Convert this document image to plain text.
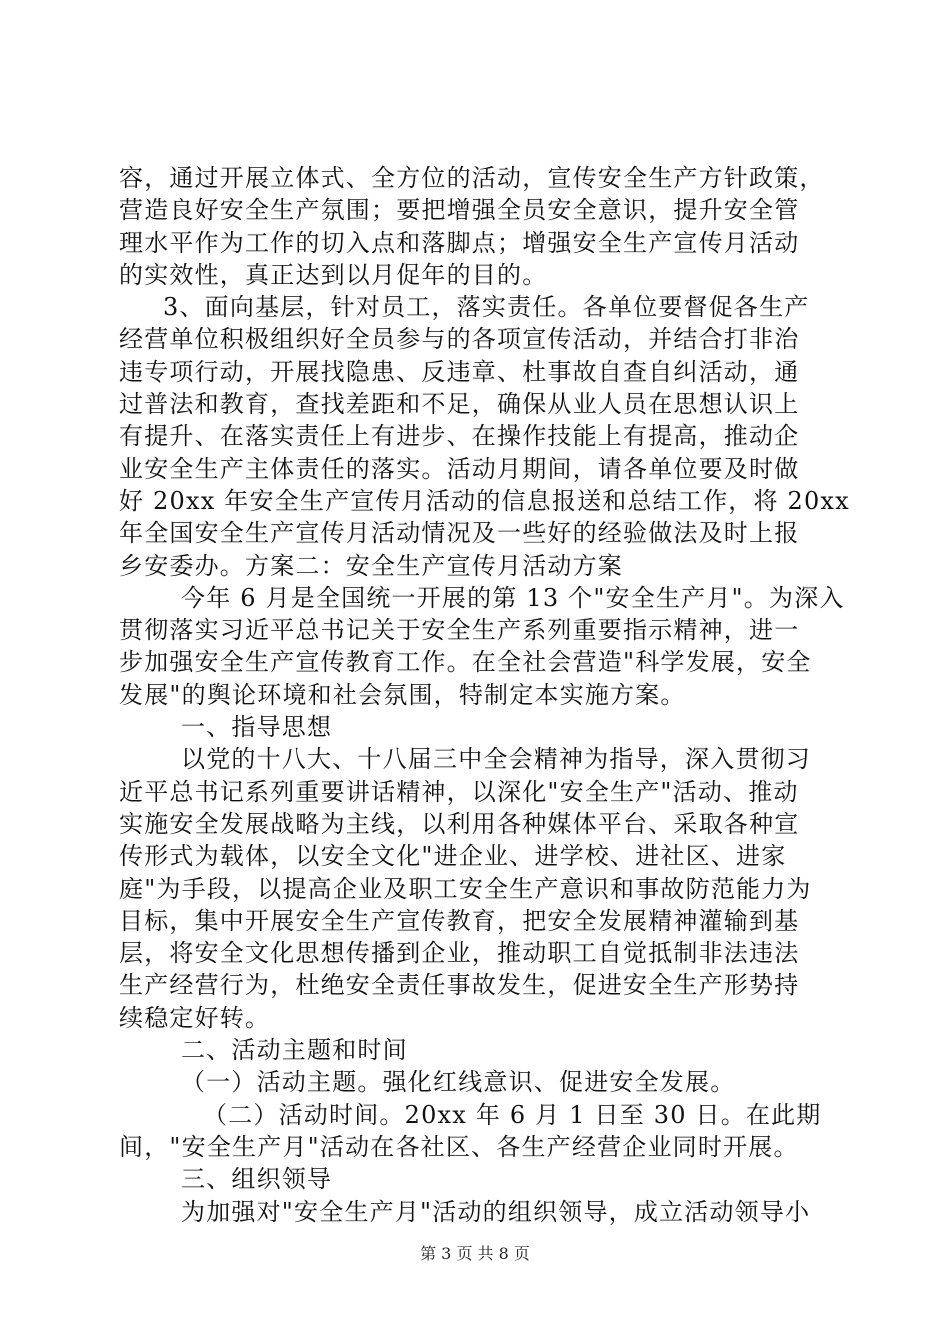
容，通过开展立体式、全方位的活动，宣传安全生产方针政策，
营造良好安全生产氛围；要把增强全员安全意识，提升安全管
理水平作为工作的切入点和落脚点；增强安全生产宣传月活动
的实效性，真正达到以月促年的目的。
3、面向基层，针对员工，落实责任。各单位要督促各生产
经营单位积极组织好全员参与的各项宣传活动，并结合打非治
违专项行动，开展找隐患、反违章、杜事故自查自纠活动，通
过普法和教育，查找差距和不足，确保从业人员在思想认识上
有提升、在落实责任上有进步、在操作技能上有提高，推动企
业安全生产主体责任的落实。活动月期间，请各单位要及时做
好 20xx 年安全生产宣传月活动的信息报送和总结工作，将 20xx
年全国安全生产宣传月活动情况及一些好的经验做法及时上报
乡安委办。方案二：安全生产宣传月活动方案
今年 6 月是全国统一开展的第 13 个"安全生产月"。为深入
贯彻落实习近平总书记关于安全生产系列重要指示精神，进一
步加强安全生产宣传教育工作。在全社会营造"科学发展，安全
发展"的舆论环境和社会氛围，特制定本实施方案。
一、指导思想
以党的十八大、十八届三中全会精神为指导，深入贯彻习
近平总书记系列重要讲话精神，以深化"安全生产"活动、推动
实施安全发展战略为主线，以利用各种媒体平台、采取各种宣
传形式为载体，以安全文化"进企业、进学校、进社区、进家
庭"为手段，以提高企业及职工安全生产意识和事故防范能力为
目标，集中开展安全生产宣传教育，把安全发展精神灌输到基
层，将安全文化思想传播到企业，推动职工自觉抵制非法违法
生产经营行为，杜绝安全责任事故发生，促进安全生产形势持
续稳定好转。
二、活动主题和时间
（一）活动主题。强化红线意识、促进安全发展。
（二）活动时间。20xx 年 6 月 1 日至 30 日。在此期
间，"安全生产月"活动在各社区、各生产经营企业同时开展。
三、组织领导
为加强对"安全生产月"活动的组织领导，成立活动领导小
第 3 页 共 8 页
